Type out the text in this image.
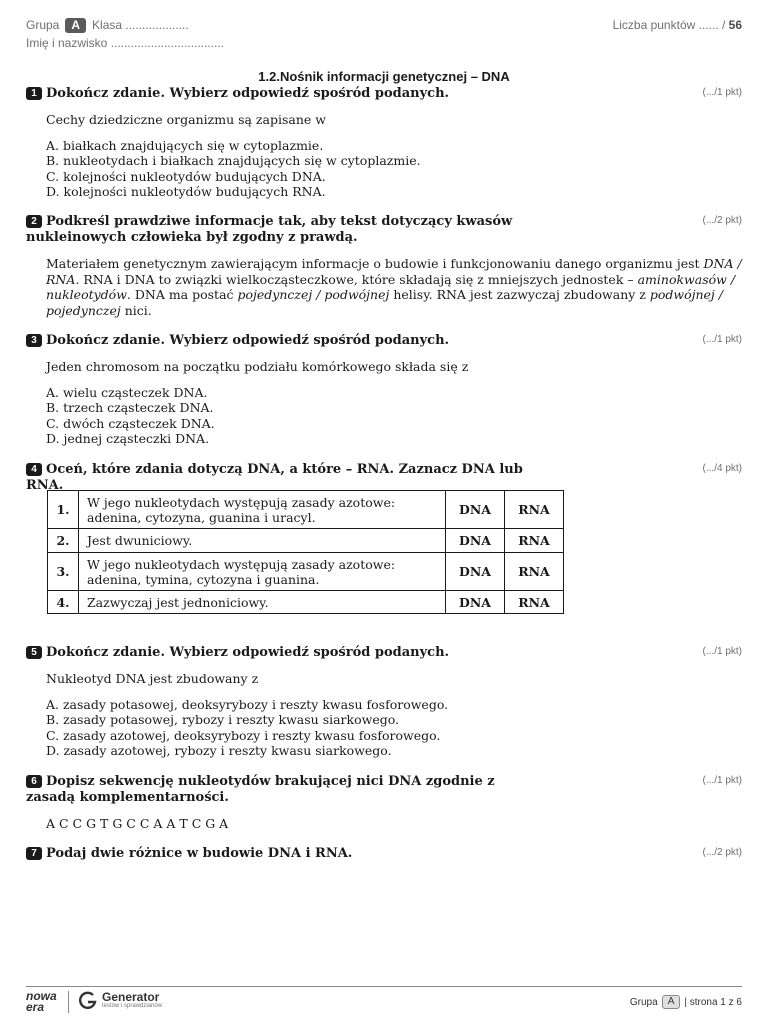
Grupa	A	Klasa ...................	Liczba punktów ...... / 56
Imię i nazwisko ..................................
1.2.Nośnik informacji genetycznej – DNA
1 Dokończ zdanie. Wybierz odpowiedź spośród podanych.	(.../1 pkt)
Cechy dziedziczne organizmu są zapisane w
A. białkach znajdujących się w cytoplazmie.
B. nukleotydach i białkach znajdujących się w cytoplazmie.
C. kolejności nukleotydów budujących DNA.
D. kolejności nukleotydów budujących RNA.
2 Podkreśl prawdziwe informacje tak, aby tekst dotyczący kwasów nukleinowych człowieka był zgodny z prawdą.
(.../2 pkt)
Materiałem genetycznym zawierającym informacje o budowie i funkcjonowaniu danego organizmu jest DNA / RNA. RNA i DNA to związki wielkocząsteczkowe, które składają się z mniejszych jednostek – aminokwasów / nukleotydów. DNA ma postać pojedynczej / podwójnej helisy. RNA jest zazwyczaj zbudowany z podwójnej / pojedynczej nici.
3 Dokończ zdanie. Wybierz odpowiedź spośród podanych.	(.../1 pkt)
Jeden chromosom na początku podziału komórkowego składa się z
A. wielu cząsteczek DNA.
B. trzech cząsteczek DNA.
C. dwóch cząsteczek DNA.
D. jednej cząsteczki DNA.
4 Oceń, które zdania dotyczą DNA, a które – RNA. Zaznacz DNA lub RNA.
(.../4 pkt)
1.	W jego nukleotydach występują zasady azotowe: adenina, cytozyna, guanina i uracyl.	DNA	RNA
2.	Jest dwuniciowy.	DNA	RNA
3.	W jego nukleotydach występują zasady azotowe: adenina, tymina, cytozyna i guanina.	DNA	RNA
4.	Zazwyczaj jest jednoniciowy.	DNA	RNA
5 Dokończ zdanie. Wybierz odpowiedź spośród podanych.	(.../1 pkt)
Nukleotyd DNA jest zbudowany z
A. zasady potasowej, deoksyrybozy i reszty kwasu fosforowego.
B. zasady potasowej, rybozy i reszty kwasu siarkowego.
C. zasady azotowej, deoksyrybozy i reszty kwasu fosforowego.
D. zasady azotowej, rybozy i reszty kwasu siarkowego.
6 Dopisz sekwencję nukleotydów brakującej nici DNA zgodnie z zasadą komplementarności.
(.../1 pkt)
A C C G T G C C A A T C G A
7 Podaj dwie różnice w budowie DNA i RNA.	(.../2 pkt)
nowa
era
Generator
testów i sprawdzianów	Grupa	A	| strona 1 z 6
